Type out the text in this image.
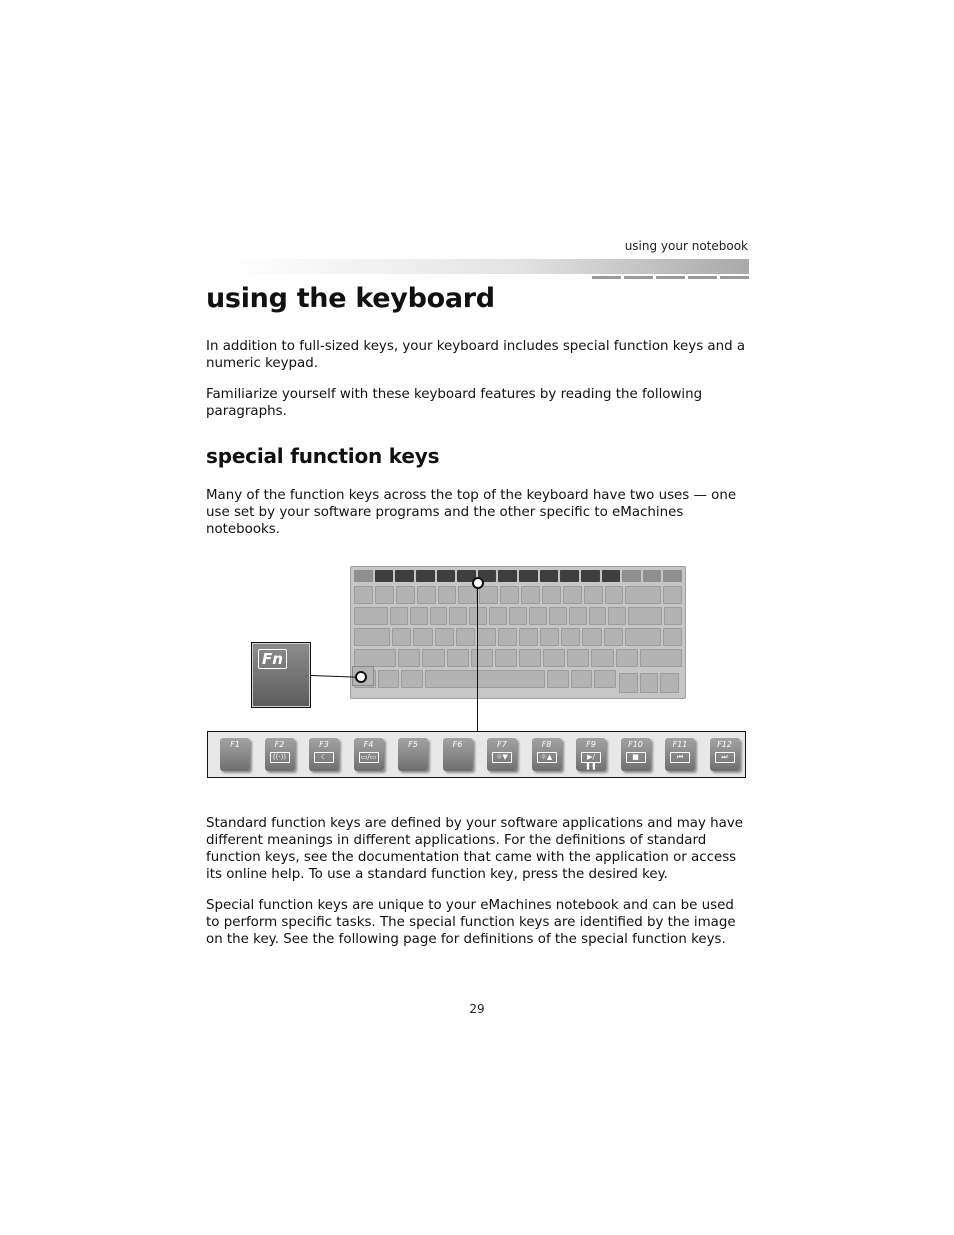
using your notebook
using the keyboard

In addition to full-sized keys, your keyboard includes special function keys and a numeric keypad.

Familiarize yourself with these keyboard features by reading the following paragraphs.

special function keys

Many of the function keys across the top of the keyboard have two uses — one use set by your software programs and the other specific to eMachines notebooks.

Fn
F1	F2
((·))
F3
☾
F4
▭/▭
F5	F6	F7
☼▼
F8
☼▲
F9
▶/❚❚
F10
■
F11
⏮
F12
⏭

Standard function keys are defined by your software applications and may have different meanings in different applications. For the definitions of standard function keys, see the documentation that came with the application or access its online help. To use a standard function key, press the desired key.

Special function keys are unique to your eMachines notebook and can be used to perform specific tasks. The special function keys are identified by the image on the key. See the following page for definitions of the special function keys.

29
